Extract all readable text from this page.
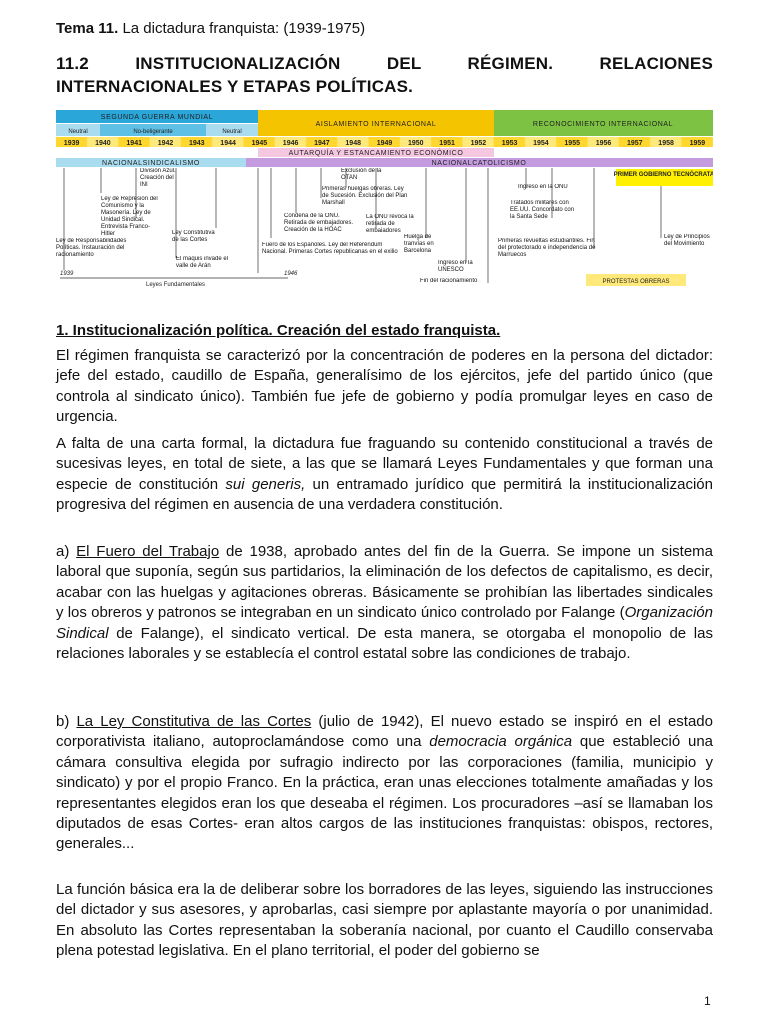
Tema 11. La dictadura franquista: (1939-1975)
11.2 INSTITUCIONALIZACIÓN DEL RÉGIMEN. RELACIONES
INTERNACIONALES Y ETAPAS POLÍTICAS.
SEGUNDA GUERRA MUNDIAL
AISLAMIENTO INTERNACIONAL	RECONOCIMIENTO INTERNACIONAL
Neutral	No-beligerante	Neutral
1939 1940 1941 1942 1943 1944 1945 1946 1947 1948 1949 1950 1951 1952 1953 1954 1955 1956 1957 1958 1959
AUTARQUÍA Y ESTANCAMIENTO ECONÓMICO
NACIONALSINDICALISMO	NACIONALCATOLICISMO
PRIMER GOBIERNO TECNÓCRATA
Ley de Responsabilidades Políticas. Instauración del racionamiento
Ley de Represión del Comunismo y la Masonería. Ley de Unidad Sindical. Entrevista Franco-Hitler
División Azul. Creación del INI
Ley Constitutiva de las Cortes
El maquis invade el valle de Arán
Fuero de los Españoles. Ley del Referéndum Nacional. Primeras Cortes republicanas en el exilio
Condena de la ONU. Retirada de embajadores. Creación de la HOAC
Exclusión de la OTAN
Primeras huelgas obreras. Ley de Sucesión. Exclusión del Plan Marshall
La ONU revoca la retirada de embajadores
Huelga de tranvías en Barcelona
Ingreso en la UNESCO
Fin del racionamiento
Ingreso en la ONU
Tratados militares con EE.UU. Concordato con la Santa Sede
Primeras revueltas estudiantiles. Fin del protectorado e independencia de Marruecos
Ley de Principios del Movimiento
1939	1946
Leyes Fundamentales	PROTESTAS OBRERAS
1. Institucionalización política. Creación del estado franquista.

El régimen franquista se caracterizó por la concentración de poderes en la persona del dictador: jefe del estado, caudillo de España, generalísimo de los ejércitos, jefe del partido único (que controla al sindicato único). También fue jefe de gobierno y podía promulgar leyes en caso de urgencia.

A falta de una carta formal, la dictadura fue fraguando su contenido constitucional a través de sucesivas leyes, en total de siete, a las que se llamará Leyes Fundamentales y que forman una especie de constitución sui generis, un entramado jurídico que permitirá la institucionalización progresiva del régimen en ausencia de una verdadera constitución.

a) El Fuero del Trabajo de 1938, aprobado antes del fin de la Guerra. Se impone un sistema laboral que suponía, según sus partidarios, la eliminación de los defectos de capitalismo, es decir, acabar con las huelgas y agitaciones obreras. Básicamente se prohibían las libertades sindicales y los obreros y patronos se integraban en un sindicato único controlado por Falange (Organización Sindical de Falange), el sindicato vertical. De esta manera, se otorgaba el monopolio de las relaciones laborales y se establecía el control estatal sobre las condiciones de trabajo.

b) La Ley Constitutiva de las Cortes (julio de 1942), El nuevo estado se inspiró en el estado corporativista italiano, autoproclamándose como una democracia orgánica que estableció una cámara consultiva elegida por sufragio indirecto por las corporaciones (familia, municipio y sindicato) y por el propio Franco. En la práctica, eran unas elecciones totalmente amañadas y los representantes elegidos eran los que deseaba el régimen. Los procuradores –así se llamaban los diputados de esas Cortes- eran altos cargos de las instituciones franquistas: obispos, rectores, generales...

La función básica era la de deliberar sobre los borradores de las leyes, siguiendo las instrucciones del dictador y sus asesores, y aprobarlas, casi siempre por aplastante mayoría o por unanimidad. En absoluto las Cortes representaban la soberanía nacional, por cuanto el Caudillo conservaba plena potestad legislativa. En el plano territorial, el poder del gobierno se

1
